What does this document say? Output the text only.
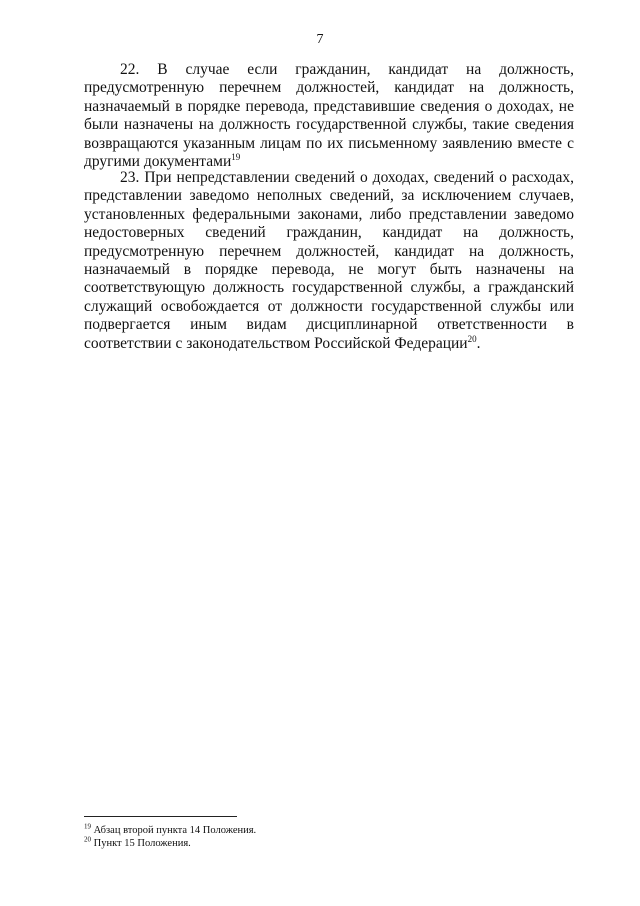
7

22. В случае если гражданин, кандидат на должность, предусмотренную перечнем должностей, кандидат на должность, назначаемый в порядке перевода, представившие сведения о доходах, не были назначены на должность государственной службы, такие сведения возвращаются указанным лицам по их письменному заявлению вместе с другими документами$^{19}$

23. При непредставлении сведений о доходах, сведений о расходах, представлении заведомо неполных сведений, за исключением случаев, установленных федеральными законами, либо представлении заведомо недостоверных сведений гражданин, кандидат на должность, предусмотренную перечнем должностей, кандидат на должность, назначаемый в порядке перевода, не могут быть назначены на соответствующую должность государственной службы, а гражданский служащий освобождается от должности государственной службы или подвергается иным видам дисциплинарной ответственности в соответствии с законодательством Российской Федерации$^{20}$.

$^{19}$ Абзац второй пункта 14 Положения.
$^{20}$ Пункт 15 Положения.
